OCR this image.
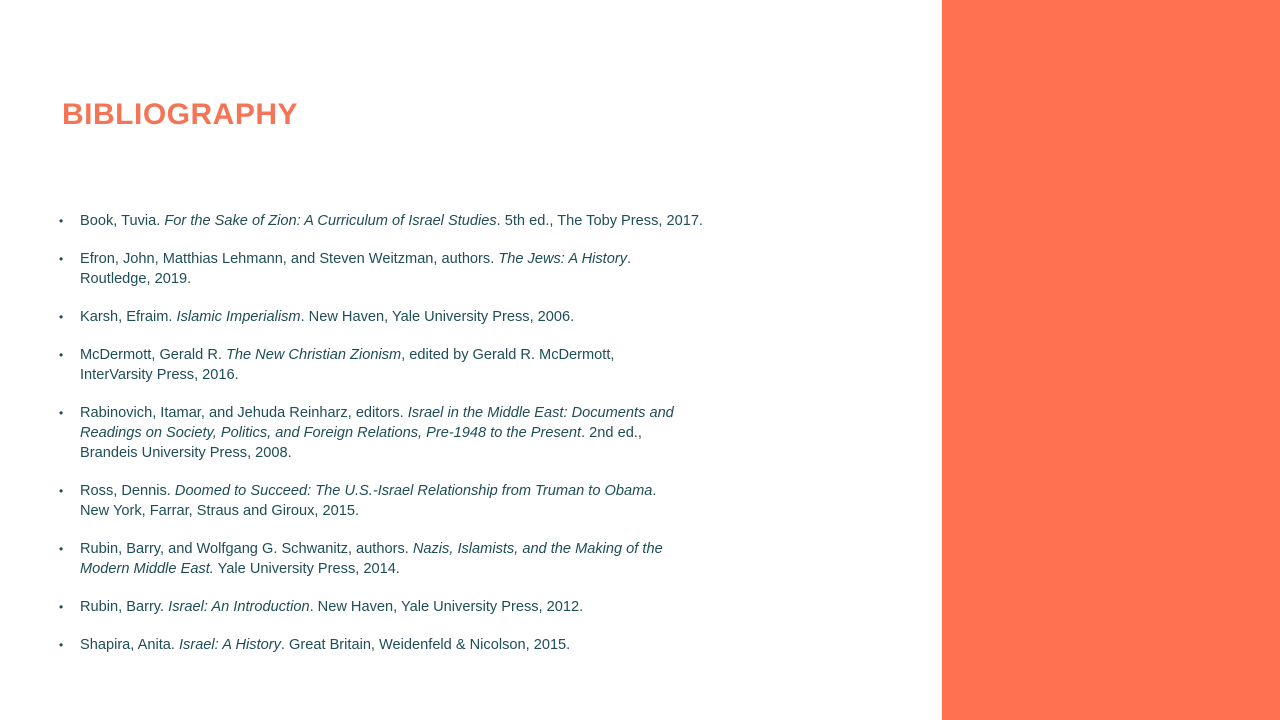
BIBLIOGRAPHY
• Book, Tuvia. For the Sake of Zion: A Curriculum of Israel Studies. 5th ed., The Toby Press, 2017.
• Efron, John, Matthias Lehmann, and Steven Weitzman, authors. The Jews: A History.
Routledge, 2019.
• Karsh, Efraim. Islamic Imperialism. New Haven, Yale University Press, 2006.
• McDermott, Gerald R. The New Christian Zionism, edited by Gerald R. McDermott,
InterVarsity Press, 2016.
• Rabinovich, Itamar, and Jehuda Reinharz, editors. Israel in the Middle East: Documents and
Readings on Society, Politics, and Foreign Relations, Pre-1948 to the Present. 2nd ed.,
Brandeis University Press, 2008.
• Ross, Dennis. Doomed to Succeed: The U.S.-Israel Relationship from Truman to Obama.
New York, Farrar, Straus and Giroux, 2015.
• Rubin, Barry, and Wolfgang G. Schwanitz, authors. Nazis, Islamists, and the Making of the
Modern Middle East. Yale University Press, 2014.
• Rubin, Barry. Israel: An Introduction. New Haven, Yale University Press, 2012.
• Shapira, Anita. Israel: A History. Great Britain, Weidenfeld & Nicolson, 2015.
